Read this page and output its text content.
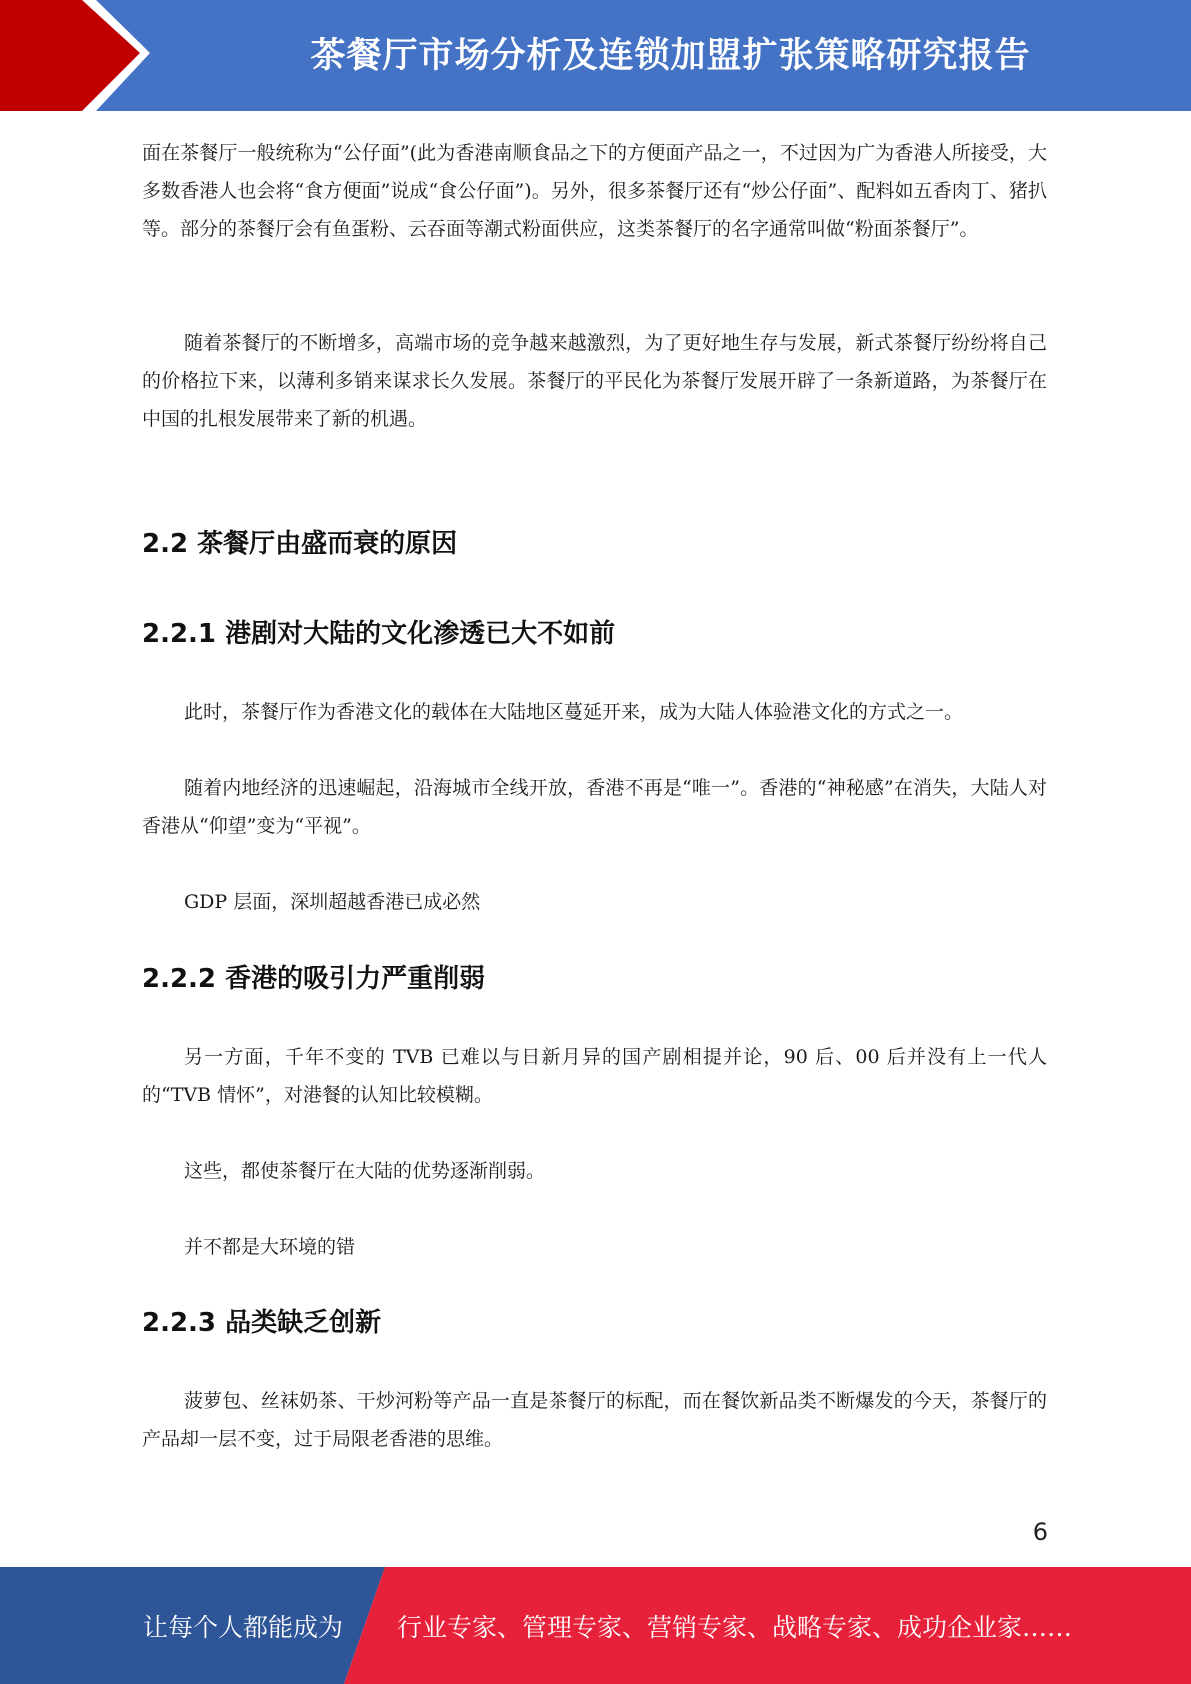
茶餐厅市场分析及连锁加盟扩张策略研究报告

面在茶餐厅一般统称为“公仔面”(此为香港南顺食品之下的方便面产品之一，不过因为广为香港人所接受，大多数香港人也会将“食方便面”说成“食公仔面”)。另外，很多茶餐厅还有“炒公仔面”、配料如五香肉丁、猪扒等。部分的茶餐厅会有鱼蛋粉、云吞面等潮式粉面供应，这类茶餐厅的名字通常叫做“粉面茶餐厅”。

随着茶餐厅的不断增多，高端市场的竞争越来越激烈，为了更好地生存与发展，新式茶餐厅纷纷将自己的价格拉下来，以薄利多销来谋求长久发展。茶餐厅的平民化为茶餐厅发展开辟了一条新道路，为茶餐厅在中国的扎根发展带来了新的机遇。

2.2 茶餐厅由盛而衰的原因
2.2.1 港剧对大陆的文化渗透已大不如前

此时，茶餐厅作为香港文化的载体在大陆地区蔓延开来，成为大陆人体验港文化的方式之一。

随着内地经济的迅速崛起，沿海城市全线开放，香港不再是“唯一”。香港的“神秘感”在消失，大陆人对香港从“仰望”变为“平视”。

GDP 层面，深圳超越香港已成必然

2.2.2 香港的吸引力严重削弱

另一方面，千年不变的 TVB 已难以与日新月异的国产剧相提并论，90 后、00 后并没有上一代人的“TVB 情怀”，对港餐的认知比较模糊。

这些，都使茶餐厅在大陆的优势逐渐削弱。

并不都是大环境的错

2.2.3 品类缺乏创新

菠萝包、丝袜奶茶、干炒河粉等产品一直是茶餐厅的标配，而在餐饮新品类不断爆发的今天，茶餐厅的产品却一层不变，过于局限老香港的思维。

6
让每个人都能成为 行业专家、管理专家、营销专家、战略专家、成功企业家……
